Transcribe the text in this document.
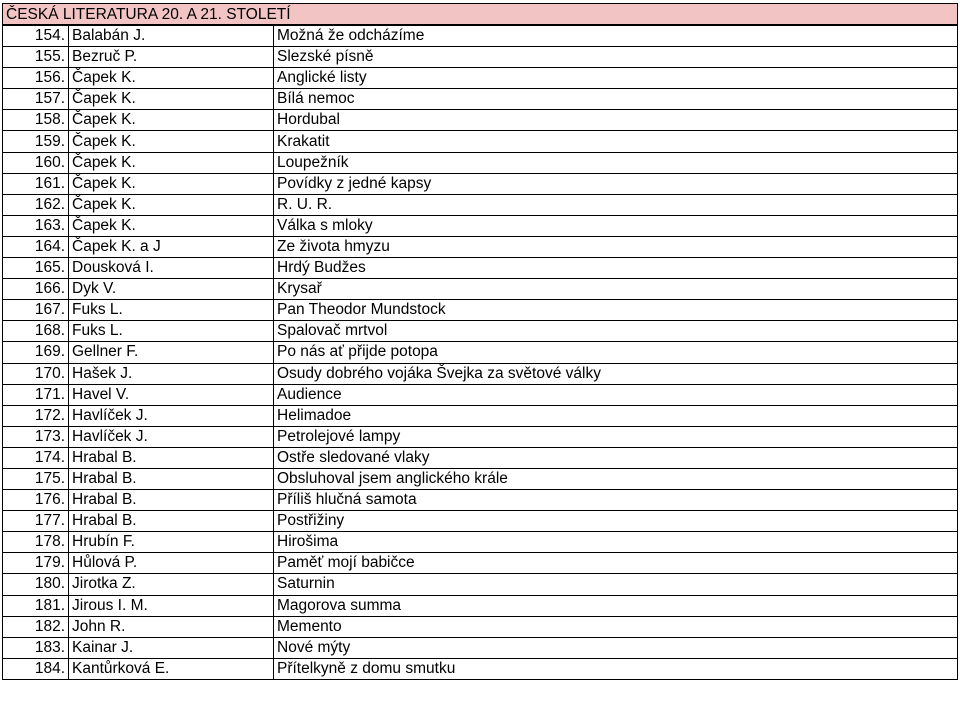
ČESKÁ LITERATURA 20. A 21. STOLETÍ
154.	Balabán J.	Možná že odcházíme
155.	Bezruč P.	Slezské písně
156.	Čapek K.	Anglické listy
157.	Čapek K.	Bílá nemoc
158.	Čapek K.	Hordubal
159.	Čapek K.	Krakatit
160.	Čapek K.	Loupežník
161.	Čapek K.	Povídky z jedné kapsy
162.	Čapek K.	R. U. R.
163.	Čapek K.	Válka s mloky
164.	Čapek K. a J	Ze života hmyzu
165.	Dousková I.	Hrdý Budžes
166.	Dyk V.	Krysař
167.	Fuks L.	Pan Theodor Mundstock
168.	Fuks L.	Spalovač mrtvol
169.	Gellner F.	Po nás ať přijde potopa
170.	Hašek J.	Osudy dobrého vojáka Švejka za světové války
171.	Havel V.	Audience
172.	Havlíček J.	Helimadoe
173.	Havlíček J.	Petrolejové lampy
174.	Hrabal B.	Ostře sledované vlaky
175.	Hrabal B.	Obsluhoval jsem anglického krále
176.	Hrabal B.	Příliš hlučná samota
177.	Hrabal B.	Postřižiny
178.	Hrubín F.	Hirošima
179.	Hůlová P.	Paměť mojí babičce
180.	Jirotka Z.	Saturnin
181.	Jirous I. M.	Magorova summa
182.	John R.	Memento
183.	Kainar J.	Nové mýty
184.	Kantůrková E.	Přítelkyně z domu smutku
